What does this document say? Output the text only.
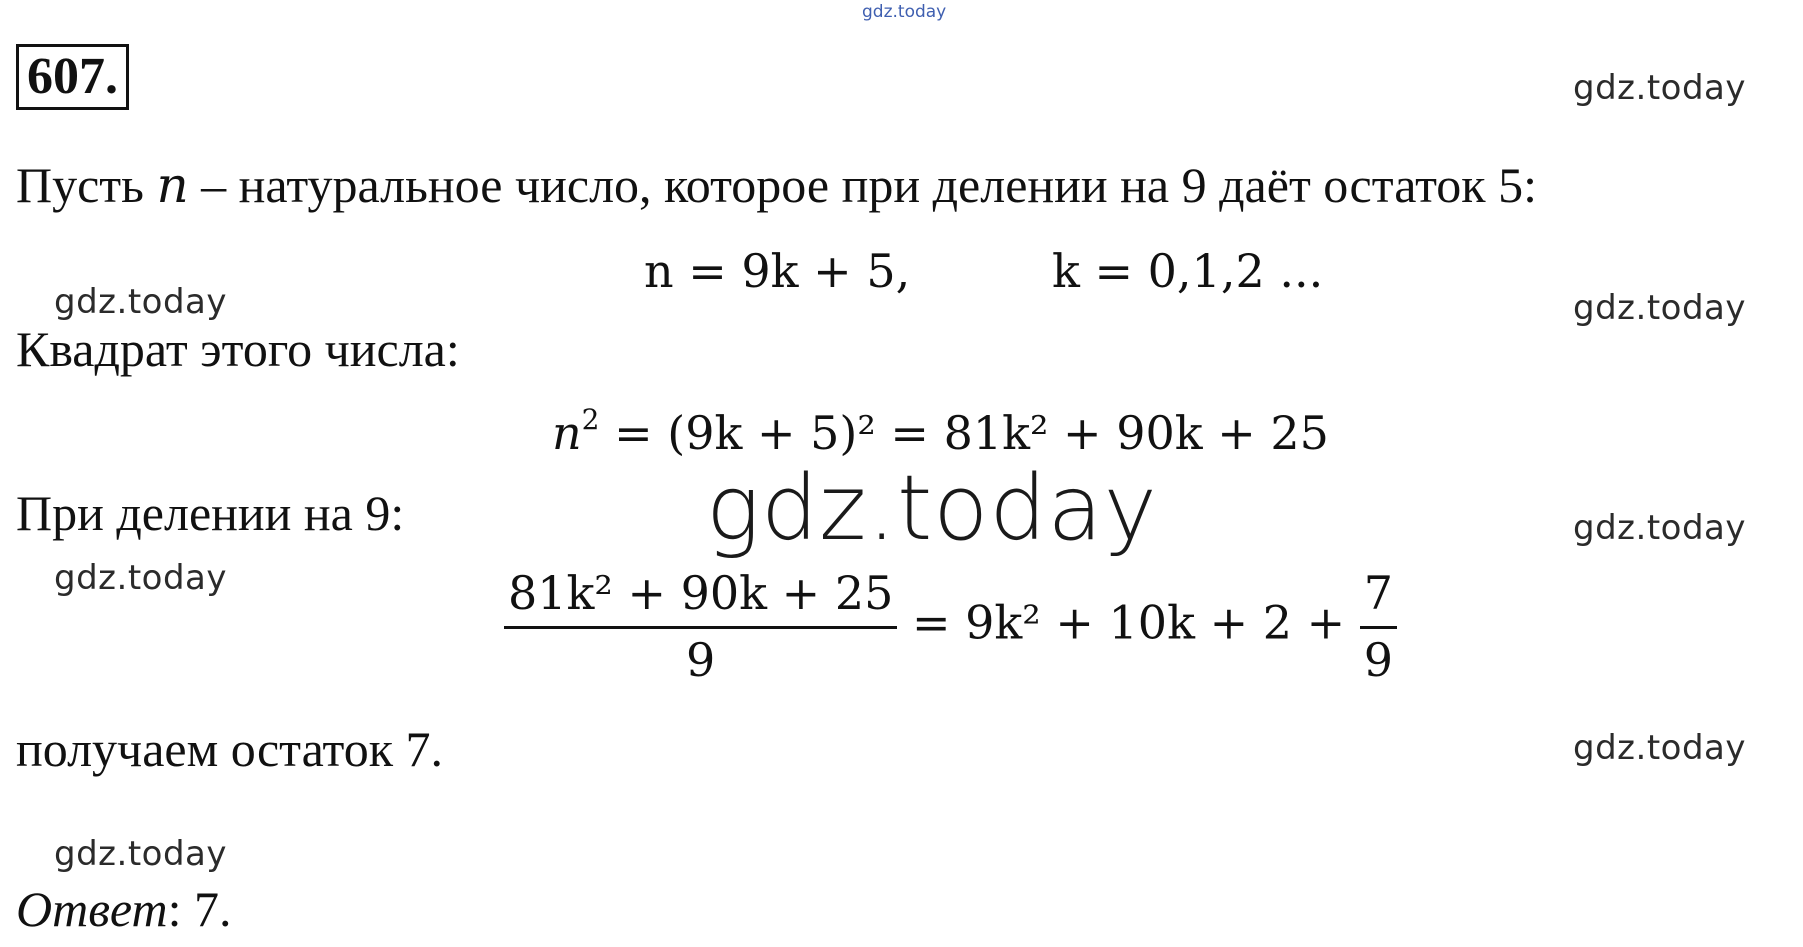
gdz.today
607.	gdz.today
gdz.today
gdz.today
gdz.today
gdz.today
gdz.today
gdz.today
Пусть n – натуральное число, которое при делении на 9 даёт остаток 5:
n = 9k + 5,	k = 0,1,2 ...
Квадрат этого числа:
$n^2 = (9k + 5)^2 = 81k^2 + 90k + 25$
gdz.today
При делении на 9:
$\frac{\text{81k² + 90k + 25}}{9} = 9k^2 + 10k + 2 + \frac{7}{9}$
получаем остаток 7.
Ответ: 7.
